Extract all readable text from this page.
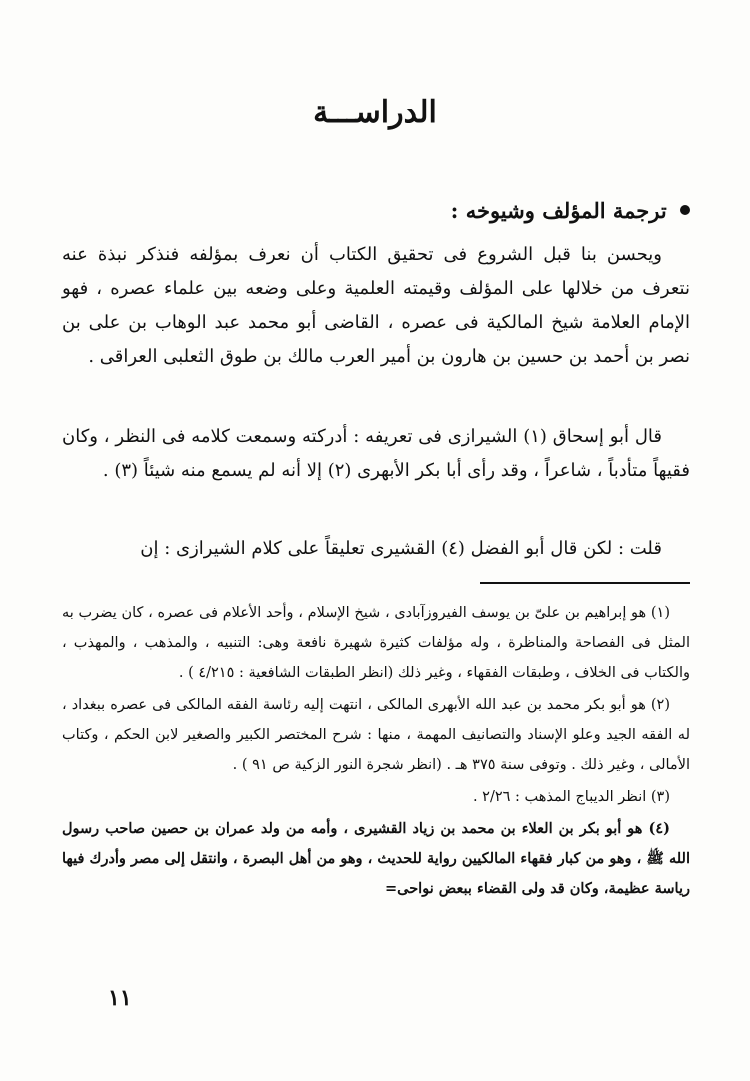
الدراســـة
ترجمة المؤلف وشيوخه :

ويحسن بنا قبل الشروع فى تحقيق الكتاب أن نعرف بمؤلفه فنذكر نبذة عنه نتعرف من خلالها على المؤلف وقيمته العلمية وعلى وضعه بين علماء عصره ، فهو الإمام العلامة شيخ المالكية فى عصره ، القاضى أبو محمد عبد الوهاب بن على بن نصر بن أحمد بن حسين بن هارون بن أمير العرب مالك بن طوق الثعلبى العراقى .

قال أبو إسحاق (١) الشيرازى فى تعريفه : أدركته وسمعت كلامه فى النظر ، وكان فقيهاً متأدباً ، شاعراً ، وقد رأى أبا بكر الأبهرى (٢) إلا أنه لم يسمع منه شيئاً (٣) .

قلت : لكن قال أبو الفضل (٤) القشيرى تعليقاً على كلام الشيرازى : إن

(١) هو إبراهيم بن علىّ بن يوسف الفيروزآبادى ، شيخ الإسلام ، وأحد الأعلام فى عصره ، كان يضرب به المثل فى الفصاحة والمناظرة ، وله مؤلفات كثيرة شهيرة نافعة وهى: التنبيه ، والمذهب ، والمهذب ، والكتاب فى الخلاف ، وطبقات الفقهاء ، وغير ذلك (انظر الطبقات الشافعية : ٤/٢١٥ ) .

(٢) هو أبو بكر محمد بن عبد الله الأبهرى المالكى ، انتهت إليه رئاسة الفقه المالكى فى عصره ببغداد ، له الفقه الجيد وعلو الإسناد والتصانيف المهمة ، منها : شرح المختصر الكبير والصغير لابن الحكم ، وكتاب الأمالى ، وغير ذلك . وتوفى سنة ٣٧٥ هـ . (انظر شجرة النور الزكية ص ٩١ ) .

(٣) انظر الديباج المذهب : ٢/٢٦ .

(٤) هو أبو بكر بن العلاء بن محمد بن زياد القشيرى ، وأمه من ولد عمران بن حصين صاحب رسول الله ﷺ ، وهو من كبار فقهاء المالكيين رواية للحديث ، وهو من أهل البصرة ، وانتقل إلى مصر وأدرك فيها رياسة عظيمة، وكان قد ولى القضاء ببعض نواحى=

١١
